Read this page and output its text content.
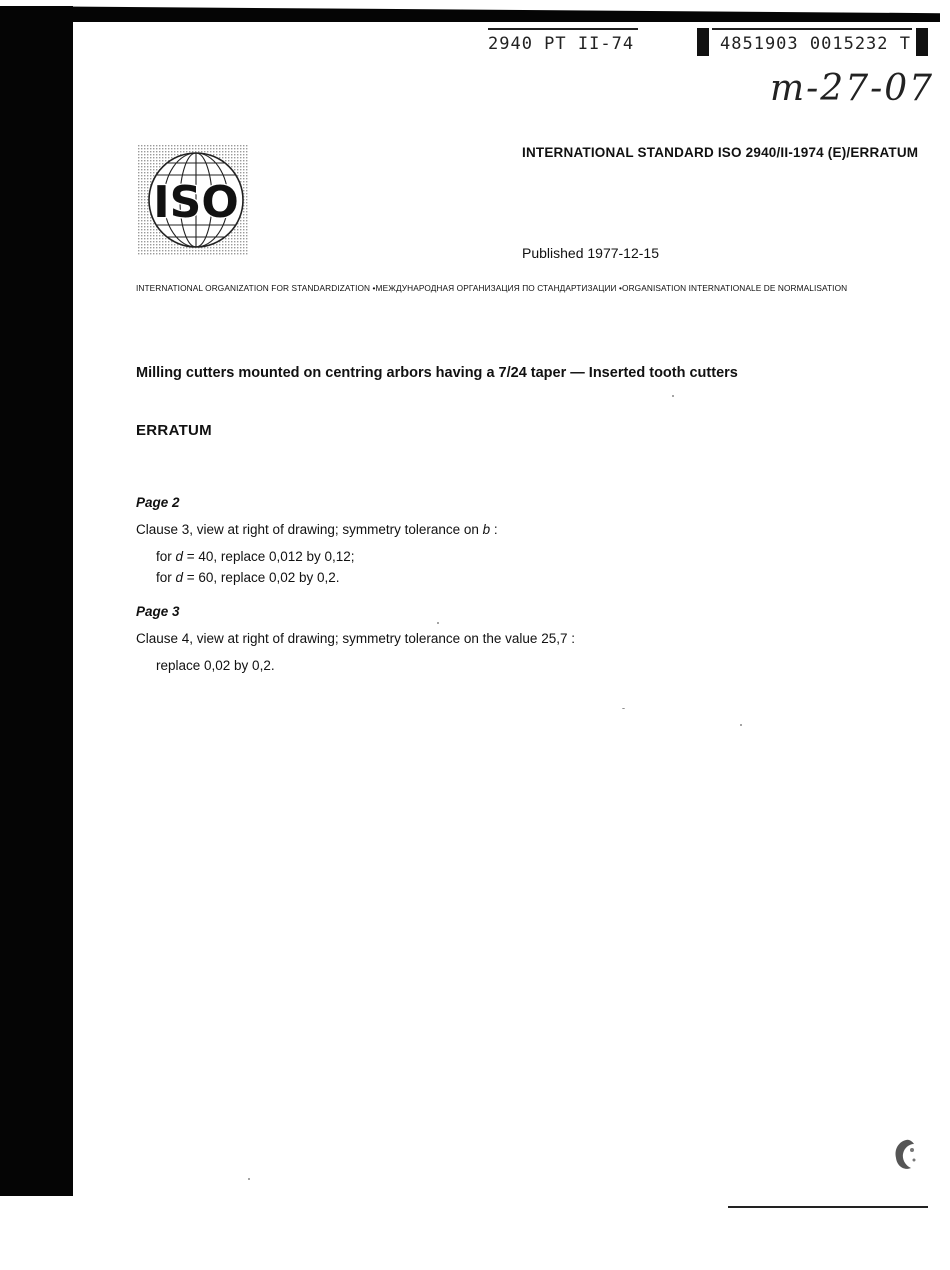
2940 PT II-74	4851903 0015232 T
m-27-07
ISO
INTERNATIONAL STANDARD ISO 2940/II-1974 (E)/ERRATUM
Published 1977-12-15
INTERNATIONAL ORGANIZATION FOR STANDARDIZATION •МЕЖДУНАРОДНАЯ ОРГАНИЗАЦИЯ ПО СТАНДАРТИЗАЦИИ •ORGANISATION INTERNATIONALE DE NORMALISATION
Milling cutters mounted on centring arbors having a 7/24 taper — Inserted tooth cutters
ERRATUM
Page 2
Clause 3, view at right of drawing; symmetry tolerance on b :
for d = 40, replace 0,012 by 0,12;
for d = 60, replace 0,02 by 0,2.
Page 3
Clause 4, view at right of drawing; symmetry tolerance on the value 25,7 :
replace 0,02 by 0,2.
